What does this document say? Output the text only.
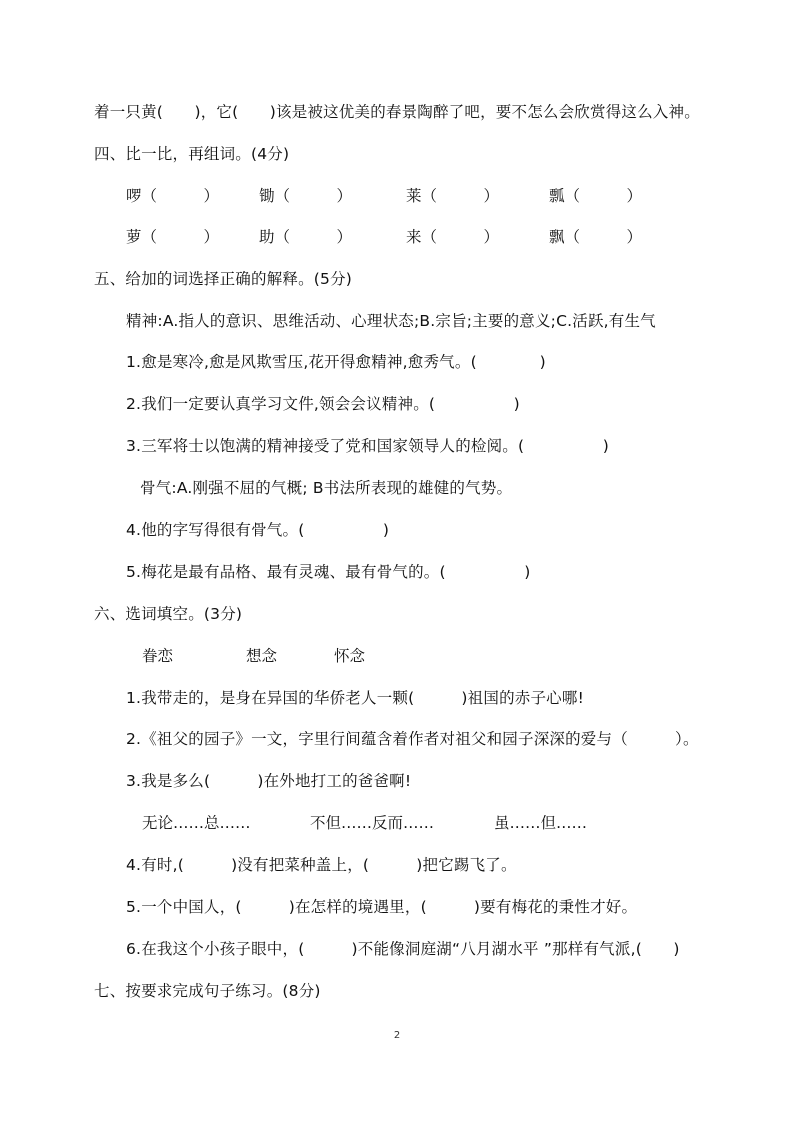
着一只黄(　　)，它(　　)该是被这优美的春景陶醉了吧，要不怎么会欣赏得这么入神。
四、比一比，再组词。(4分)
啰（　　　）	锄（　　　）	莱（　　　）	瓢（　　　）
萝（　　　）	助（　　　）	来（　　　）	飘（　　　）
五、给加的词选择正确的解释。(5分)
精神:A.指人的意识、思维活动、心理状态;B.宗旨;主要的意义;C.活跃,有生气
1.愈是寒冷,愈是风欺雪压,花开得愈精神,愈秀气。(　　　　)
2.我们一定要认真学习文件,领会会议精神。(　　　　　)
3.三军将士以饱满的精神接受了党和国家领导人的检阅。(　　　　　)
骨气:A.刚强不屈的气概; B书法所表现的雄健的气势。
4.他的字写得很有骨气。(　　　　　)
5.梅花是最有品格、最有灵魂、最有骨气的。(　　　　　)
六、选词填空。(3分)
眷恋	想念	怀念
1.我带走的，是身在异国的华侨老人一颗(　　　)祖国的赤子心哪!
2.《祖父的园子》一文，字里行间蕴含着作者对祖父和园子深深的爱与（　　　）。
3.我是多么(　　　)在外地打工的爸爸啊!
无论……总……	不但……反而……	虽……但……
4.有时,(　　　)没有把菜种盖上，(　　　)把它踢飞了。
5.一个中国人，(　　　)在怎样的境遇里，(　　　)要有梅花的秉性才好。
6.在我这个小孩子眼中，(　　　)不能像洞庭湖“八月湖水平 ”那样有气派,(　　)
七、按要求完成句子练习。(8分)
2
